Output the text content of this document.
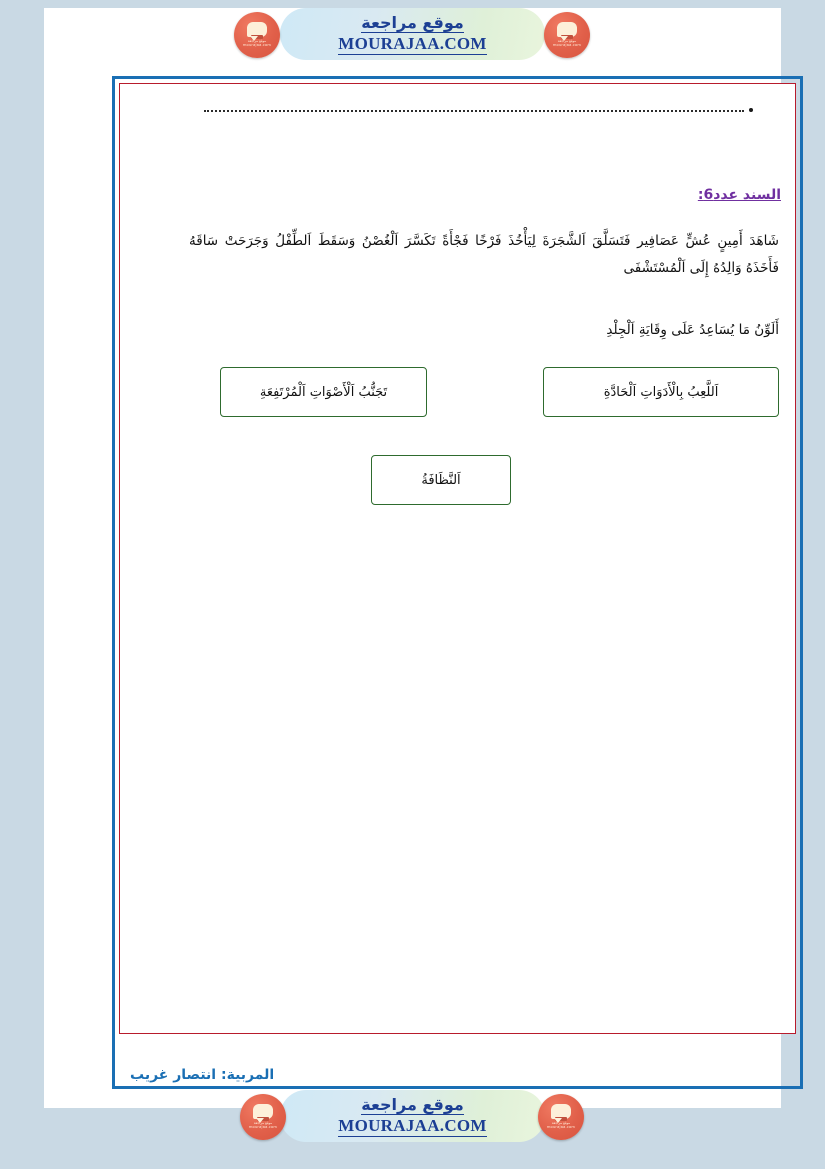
السند عدد6:
شَاهَدَ أَمِينٍ عُشٍّ عَصَافِير فَتَسَلَّقَ اَلشَّجَرَةَ لِيَأْخُذَ فَرْخًا فَجْأَةً تَكَسَّرَ اَلْغُصْنُ وَسَقَطَ اَلطِّفْلُ وَجَرَحَتْ سَاقَهُ فَأَخَذَهُ وَالِدُهُ إِلَى اَلْمُسْتَشْفَى
أَلَوِّنُ مَا يُسَاعِدُ عَلَى وِقَايَةِ اَلْجِلْدِ
اَللَّعِبُ بِالْأَدَوَاتِ اَلْحَادَّةِ
تَجَنُّبُ اَلْأَصْوَاتِ اَلْمُرْتَفِعَةِ
اَلنَّظَافَةُ
المربية: انتصار غريب
موقع مراجعة
MOURAJAA.COM
موقع مراجعة
mourajaa.com
موقع مراجعة
mourajaa.com
موقع مراجعة
MOURAJAA.COM
موقع مراجعة
mourajaa.com
موقع مراجعة
mourajaa.com
